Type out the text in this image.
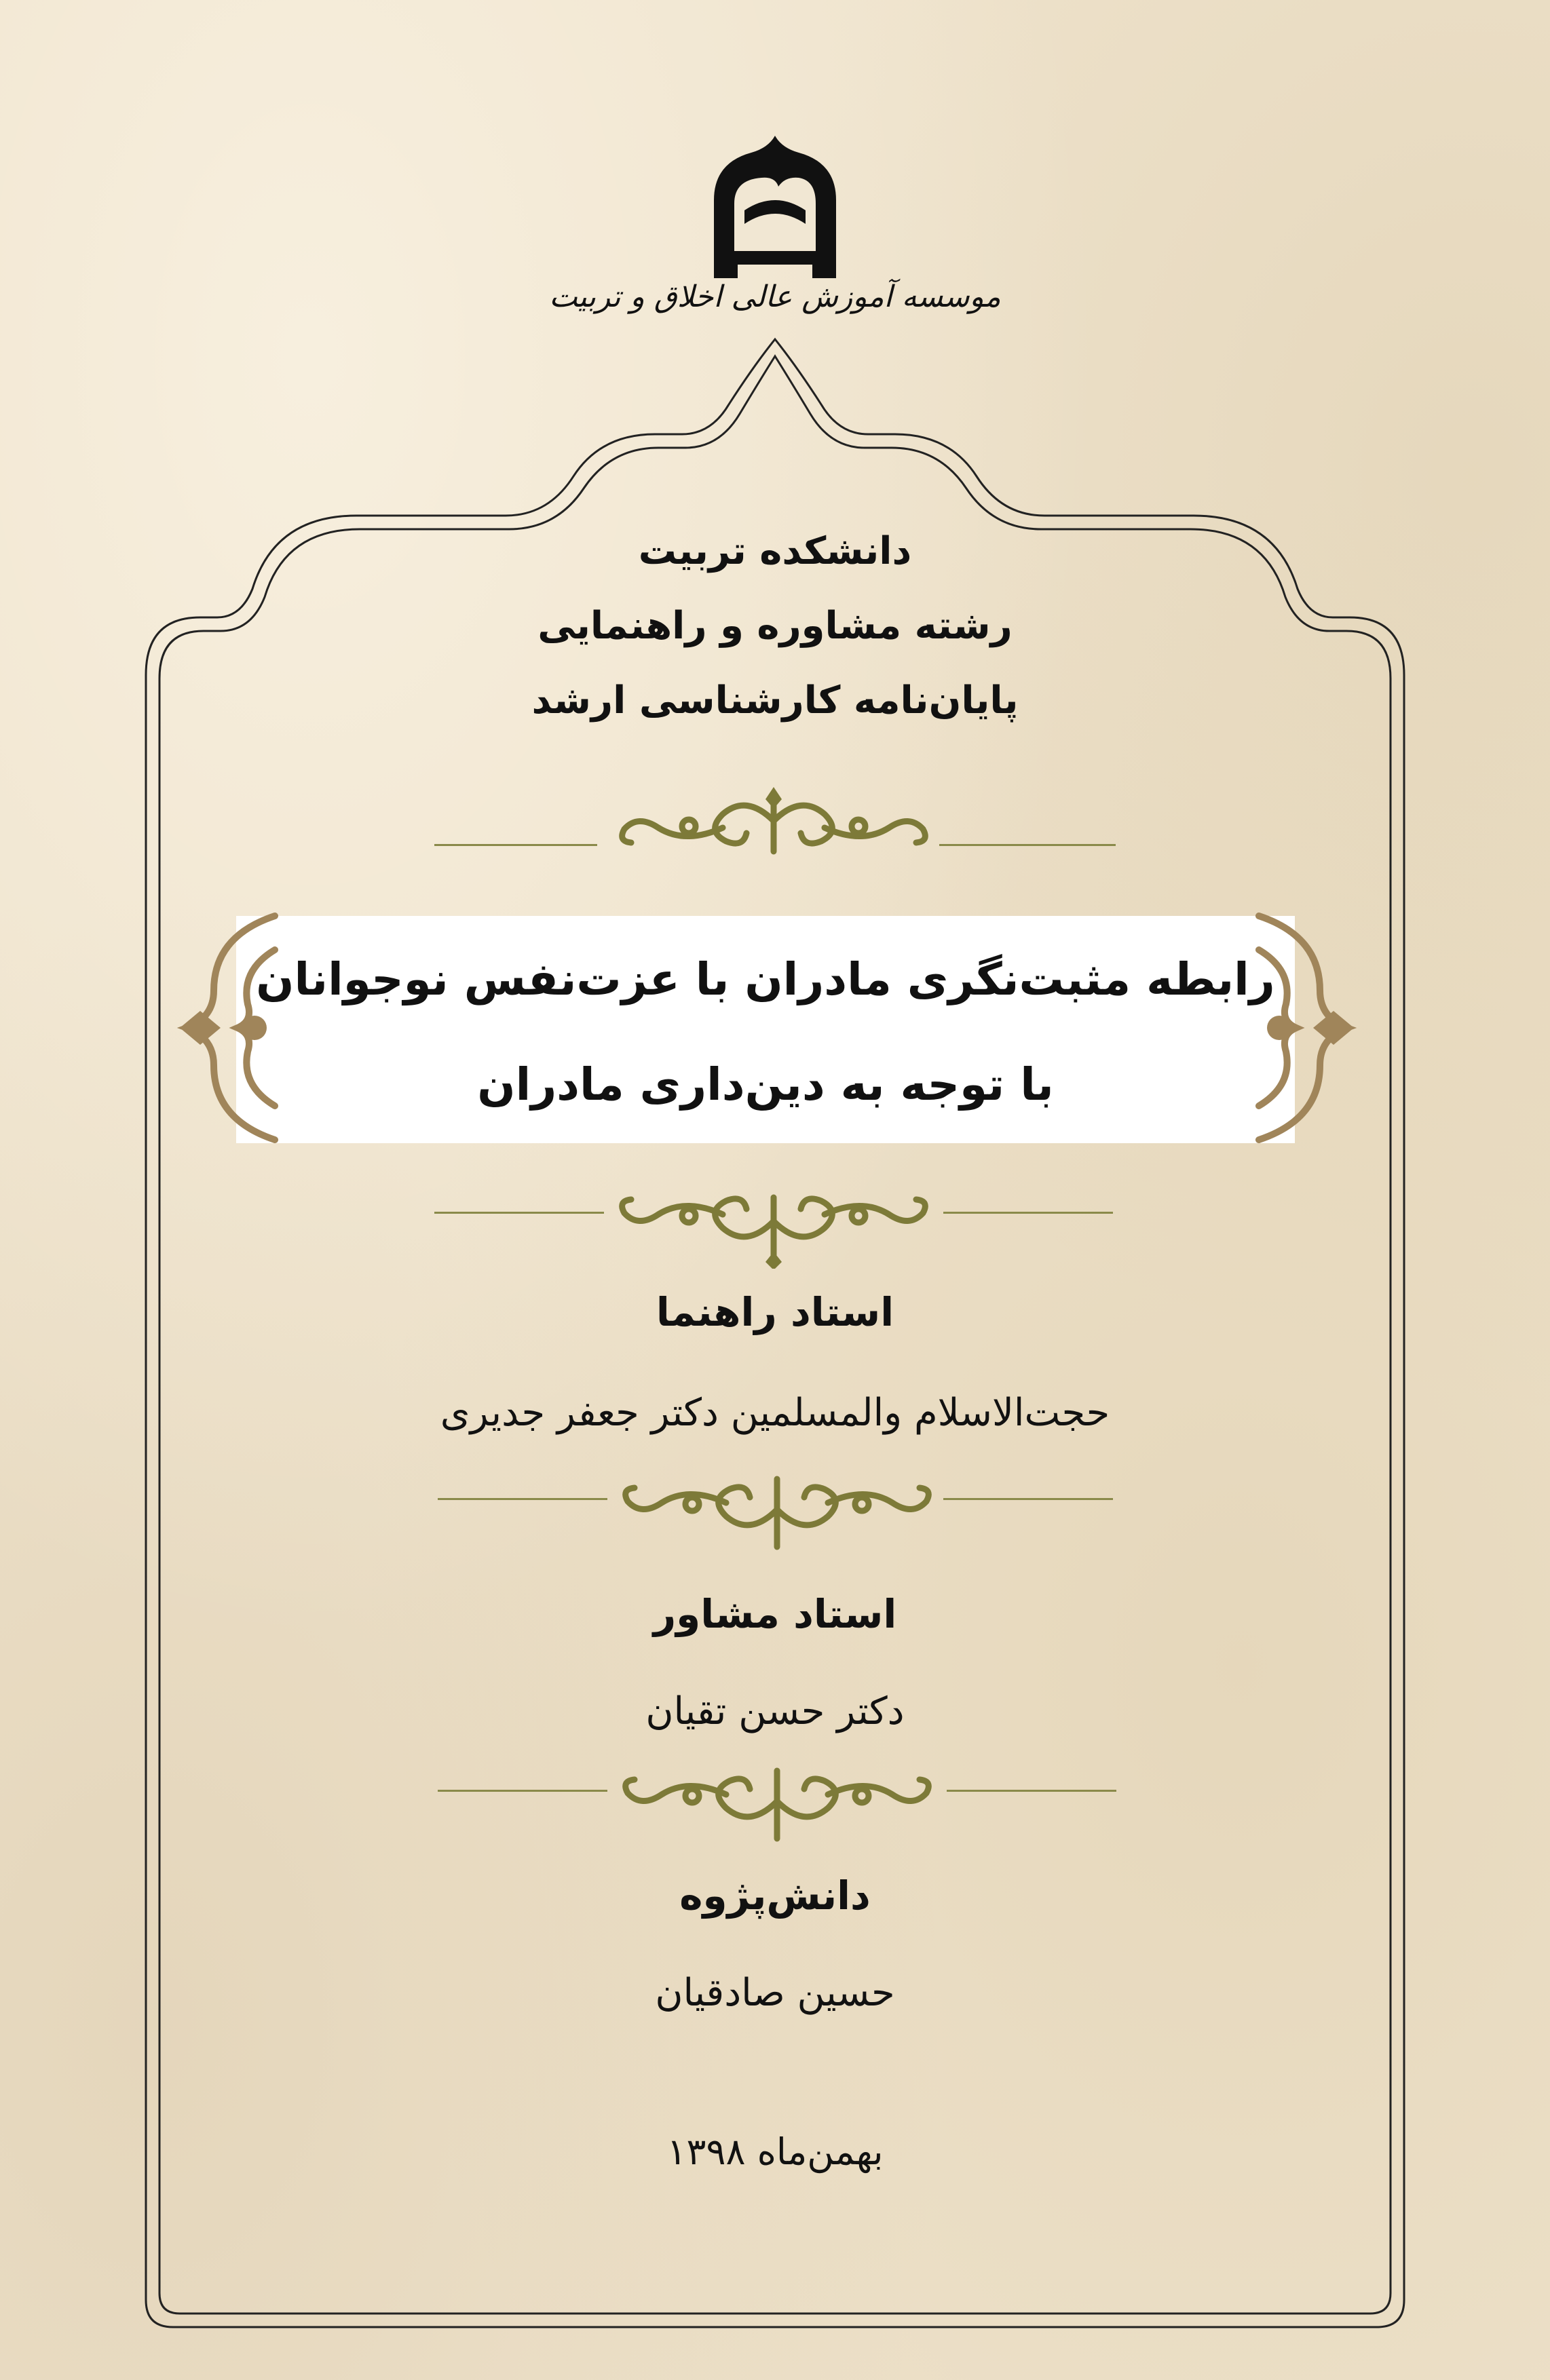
موسسه آموزش عالی اخلاق و تربیت
دانشکده تربیت
رشته مشاوره و راهنمایی
پایان‌نامه کارشناسی ارشد
رابطه مثبت‌نگری مادران با عزت‌نفس نوجوانان
با توجه به دین‌داری مادران
استاد راهنما
حجت‌الاسلام والمسلمین دکتر جعفر جدیری
استاد مشاور
دکتر حسن تقیان
دانش‌پژوه
حسین صادقیان
بهمن‌ماه ۱۳۹۸
